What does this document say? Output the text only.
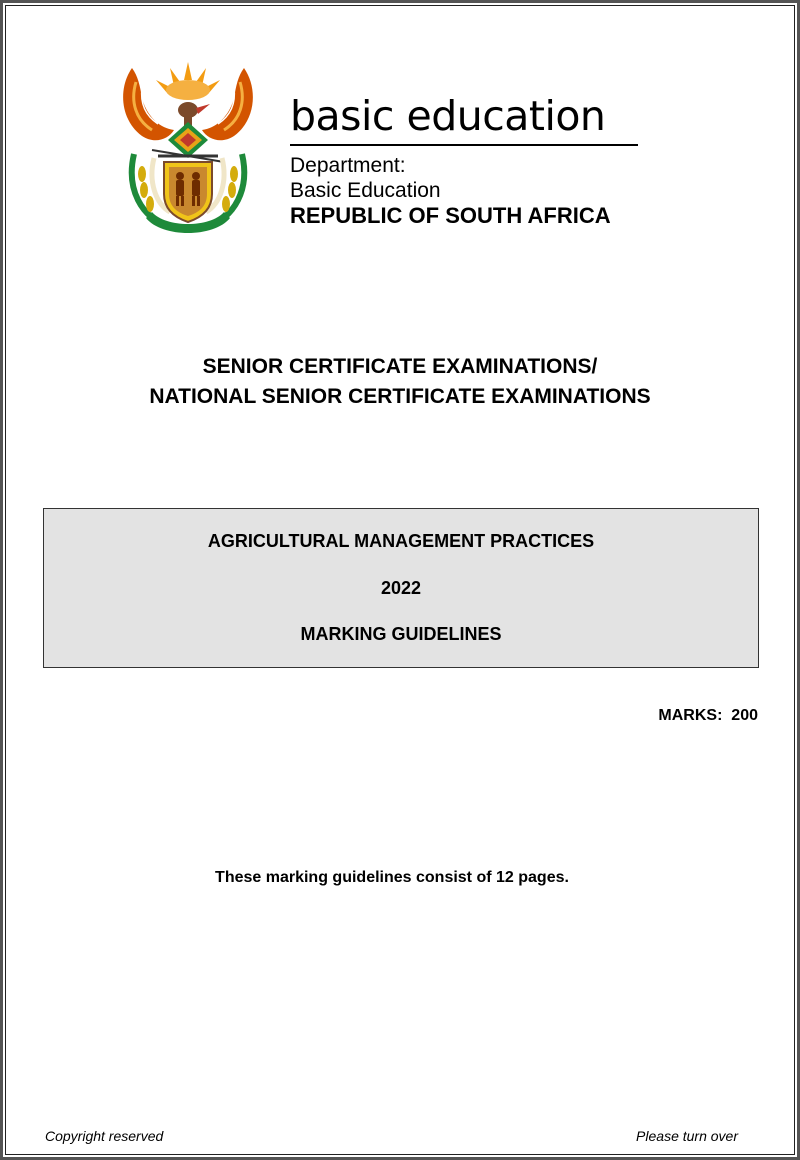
basic education
Department:
Basic Education
REPUBLIC OF SOUTH AFRICA
SENIOR CERTIFICATE EXAMINATIONS/
NATIONAL SENIOR CERTIFICATE EXAMINATIONS
AGRICULTURAL MANAGEMENT PRACTICES
2022
MARKING GUIDELINES
MARKS:  200
These marking guidelines consist of 12 pages.
Copyright reserved	Please turn over
